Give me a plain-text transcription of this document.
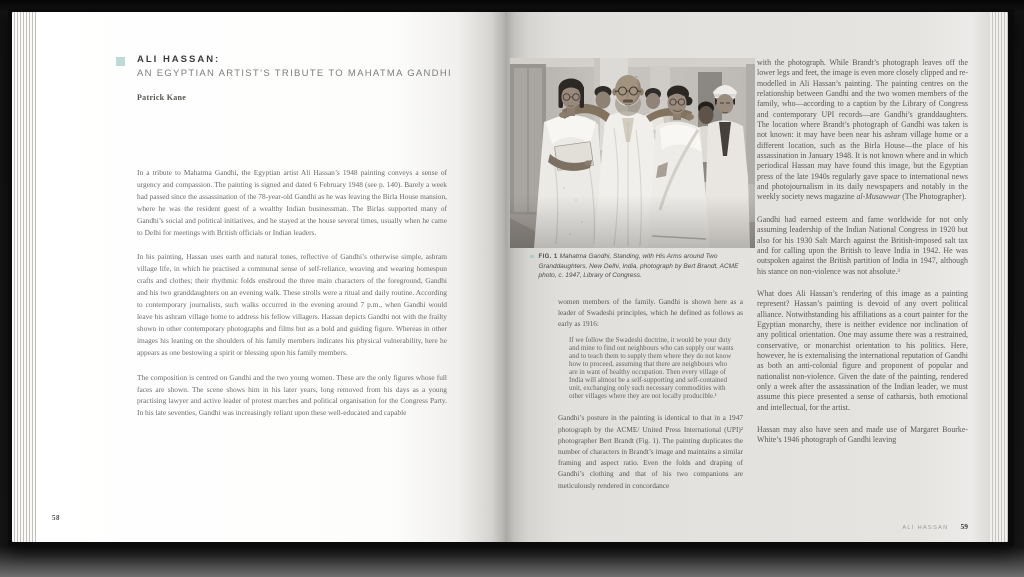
ALI HASSAN:
AN EGYPTIAN ARTIST’S TRIBUTE TO MAHATMA GANDHI
Patrick Kane

In a tribute to Mahatma Gandhi, the Egyptian artist Ali Hassan’s 1948 painting conveys a sense of urgency and compassion. The painting is signed and dated 6 February 1948 (see p. 140). Barely a week had passed since the assassination of the 78-year-old Gandhi as he was leaving the Birla House mansion, where he was the resident guest of a wealthy Indian businessman. The Birlas supported many of Gandhi’s social and political initiatives, and he stayed at the house several times, usually when he came to Delhi for meetings with British officials or Indian leaders.

In his painting, Hassan uses earth and natural tones, reflective of Gandhi’s otherwise simple, ashram village life, in which he practised a communal sense of self-reliance, weaving and wearing homespun crafts and clothes; their rhythmic folds enshroud the three main characters of the foreground, Gandhi and his two granddaughters on an evening walk. These strolls were a ritual and daily routine. According to contemporary journalists, such walks occurred in the evening around 7 p.m., when Gandhi would leave his ashram village home to address his fellow villagers. Hassan depicts Gandhi not with the frailty shown in other contemporary photographs and films but as a bold and guiding figure. Whereas in other images his leaning on the shoulders of his family members indicates his physical vulnerability, here he appears as one bestowing a spirit or blessing upon his family members.

The composition is centred on Gandhi and the two young women. These are the only figures whose full faces are shown. The scene shows him in his later years, long removed from his days as a young practising lawyer and active leader of protest marches and political organisation for the Congress Party. In his late seventies, Gandhi was increasingly reliant upon these well-educated and capable

58
FIG. 1 Mahatma Gandhi, Standing, with His Arms around Two Granddaughters, New Delhi, India, photograph by Bert Brandt, ACME photo, c. 1947, Library of Congress.

women members of the family. Gandhi is shown here as a leader of Swadeshi principles, which he defined as follows as early as 1916:

If we follow the Swadeshi doctrine, it would be your duty and mine to find out neighbours who can supply our wants and to teach them to supply them where they do not know how to proceed, assuming that there are neighbours who are in want of healthy occupation. Then every village of India will almost be a self-supporting and self-contained unit, exchanging only such necessary commodities with other villages where they are not locally producible.¹

Gandhi’s posture in the painting is identical to that in a 1947 photograph by the ACME/ United Press International (UPI)² photographer Bert Brandt (Fig. 1). The painting duplicates the number of characters in Brandt’s image and maintains a similar framing and aspect ratio. Even the folds and draping of Gandhi’s clothing and that of his two companions are meticulously rendered in concordance

with the photograph. While Brandt’s photograph leaves off the lower legs and feet, the image is even more closely clipped and re-modelled in Ali Hassan’s painting. The painting centres on the relationship between Gandhi and the two women members of the family, who—according to a caption by the Library of Congress and contemporary UPI records—are Gandhi’s granddaughters. The location where Brandt’s photograph of Gandhi was taken is not known: it may have been near his ashram village home or a different location, such as the Birla House—the place of his assassination in January 1948. It is not known where and in which periodical Hassan may have found this image, but the Egyptian press of the late 1940s regularly gave space to international news and photojournalism in its daily newspapers and notably in the weekly society news magazine al-Musawwar (The Photographer).

Gandhi had earned esteem and fame worldwide for not only assuming leadership of the Indian National Congress in 1920 but also for his 1930 Salt March against the British-imposed salt tax and for calling upon the British to leave India in 1942. He was outspoken against the British partition of India in 1947, although his stance on non-violence was not absolute.³

What does Ali Hassan’s rendering of this image as a painting represent? Hassan’s painting is devoid of any overt political alliance. Notwithstanding his affiliations as a court painter for the Egyptian monarchy, there is neither evidence nor inclination of any political orientation. One may assume there was a restrained, conservative, or monarchist orientation to his politics. Here, however, he is externalising the international reputation of Gandhi as both an anti-colonial figure and proponent of popular and nationalist non-violence. Given the date of the painting, rendered only a week after the assassination of the Indian leader, we must assume this piece presented a sense of catharsis, both emotional and intellectual, for the artist.

Hassan may also have seen and made use of Margaret Bourke-White’s 1946 photograph of Gandhi leaving

ALI HASSAN 59
